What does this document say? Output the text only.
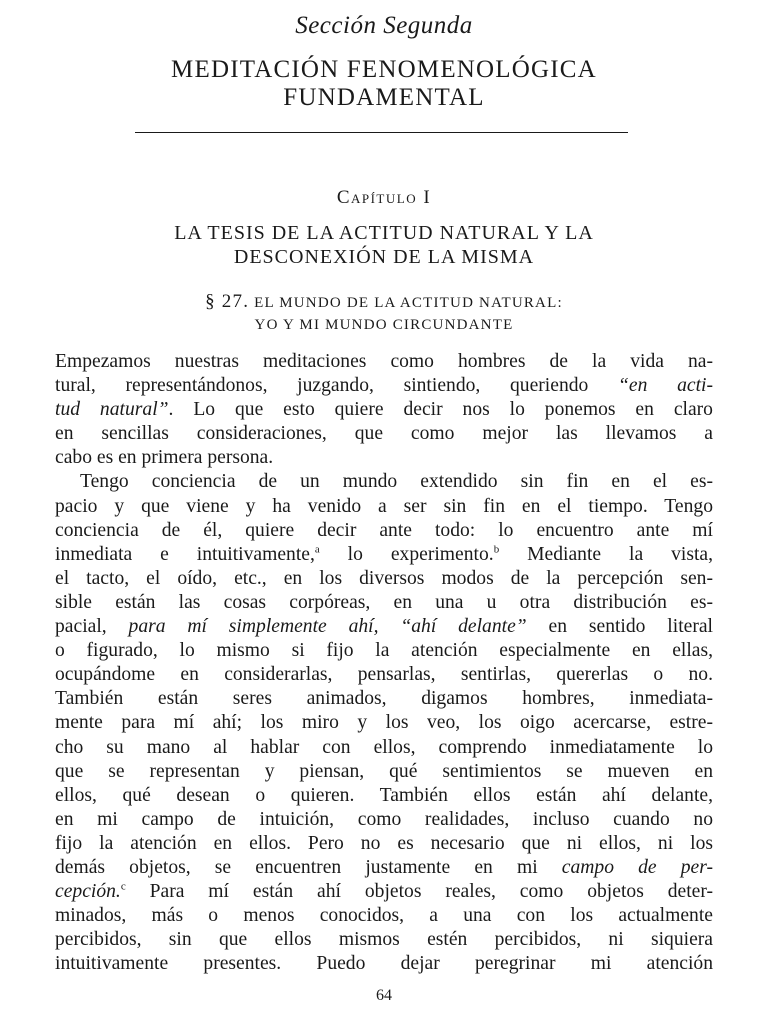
Sección Segunda
MEDITACIÓN FENOMENOLÓGICA
FUNDAMENTAL
Capítulo I
LA TESIS DE LA ACTITUD NATURAL Y LA
DESCONEXIÓN DE LA MISMA
§ 27. EL MUNDO DE LA ACTITUD NATURAL:
YO Y MI MUNDO CIRCUNDANTE
Empezamos nuestras meditaciones como hombres de la vida na-
tural, representándonos, juzgando, sintiendo, queriendo “en acti-
tud natural”. Lo que esto quiere decir nos lo ponemos en claro
en sencillas consideraciones, que como mejor las llevamos a
cabo es en primera persona.
Tengo conciencia de un mundo extendido sin fin en el es-
pacio y que viene y ha venido a ser sin fin en el tiempo. Tengo
conciencia de él, quiere decir ante todo: lo encuentro ante mí
inmediata e intuitivamente,$^a$ lo experimento.$^b$ Mediante la vista,
el tacto, el oído, etc., en los diversos modos de la percepción sen-
sible están las cosas corpóreas, en una u otra distribución es-
pacial, para mí simplemente ahí, “ahí delante” en sentido literal
o figurado, lo mismo si fijo la atención especialmente en ellas,
ocupándome en considerarlas, pensarlas, sentirlas, quererlas o no.
También están seres animados, digamos hombres, inmediata-
mente para mí ahí; los miro y los veo, los oigo acercarse, estre-
cho su mano al hablar con ellos, comprendo inmediatamente lo
que se representan y piensan, qué sentimientos se mueven en
ellos, qué desean o quieren. También ellos están ahí delante,
en mi campo de intuición, como realidades, incluso cuando no
fijo la atención en ellos. Pero no es necesario que ni ellos, ni los
demás objetos, se encuentren justamente en mi campo de per-
cepción.$^c$ Para mí están ahí objetos reales, como objetos deter-
minados, más o menos conocidos, a una con los actualmente
percibidos, sin que ellos mismos estén percibidos, ni siquiera
intuitivamente presentes. Puedo dejar peregrinar mi atención
64
